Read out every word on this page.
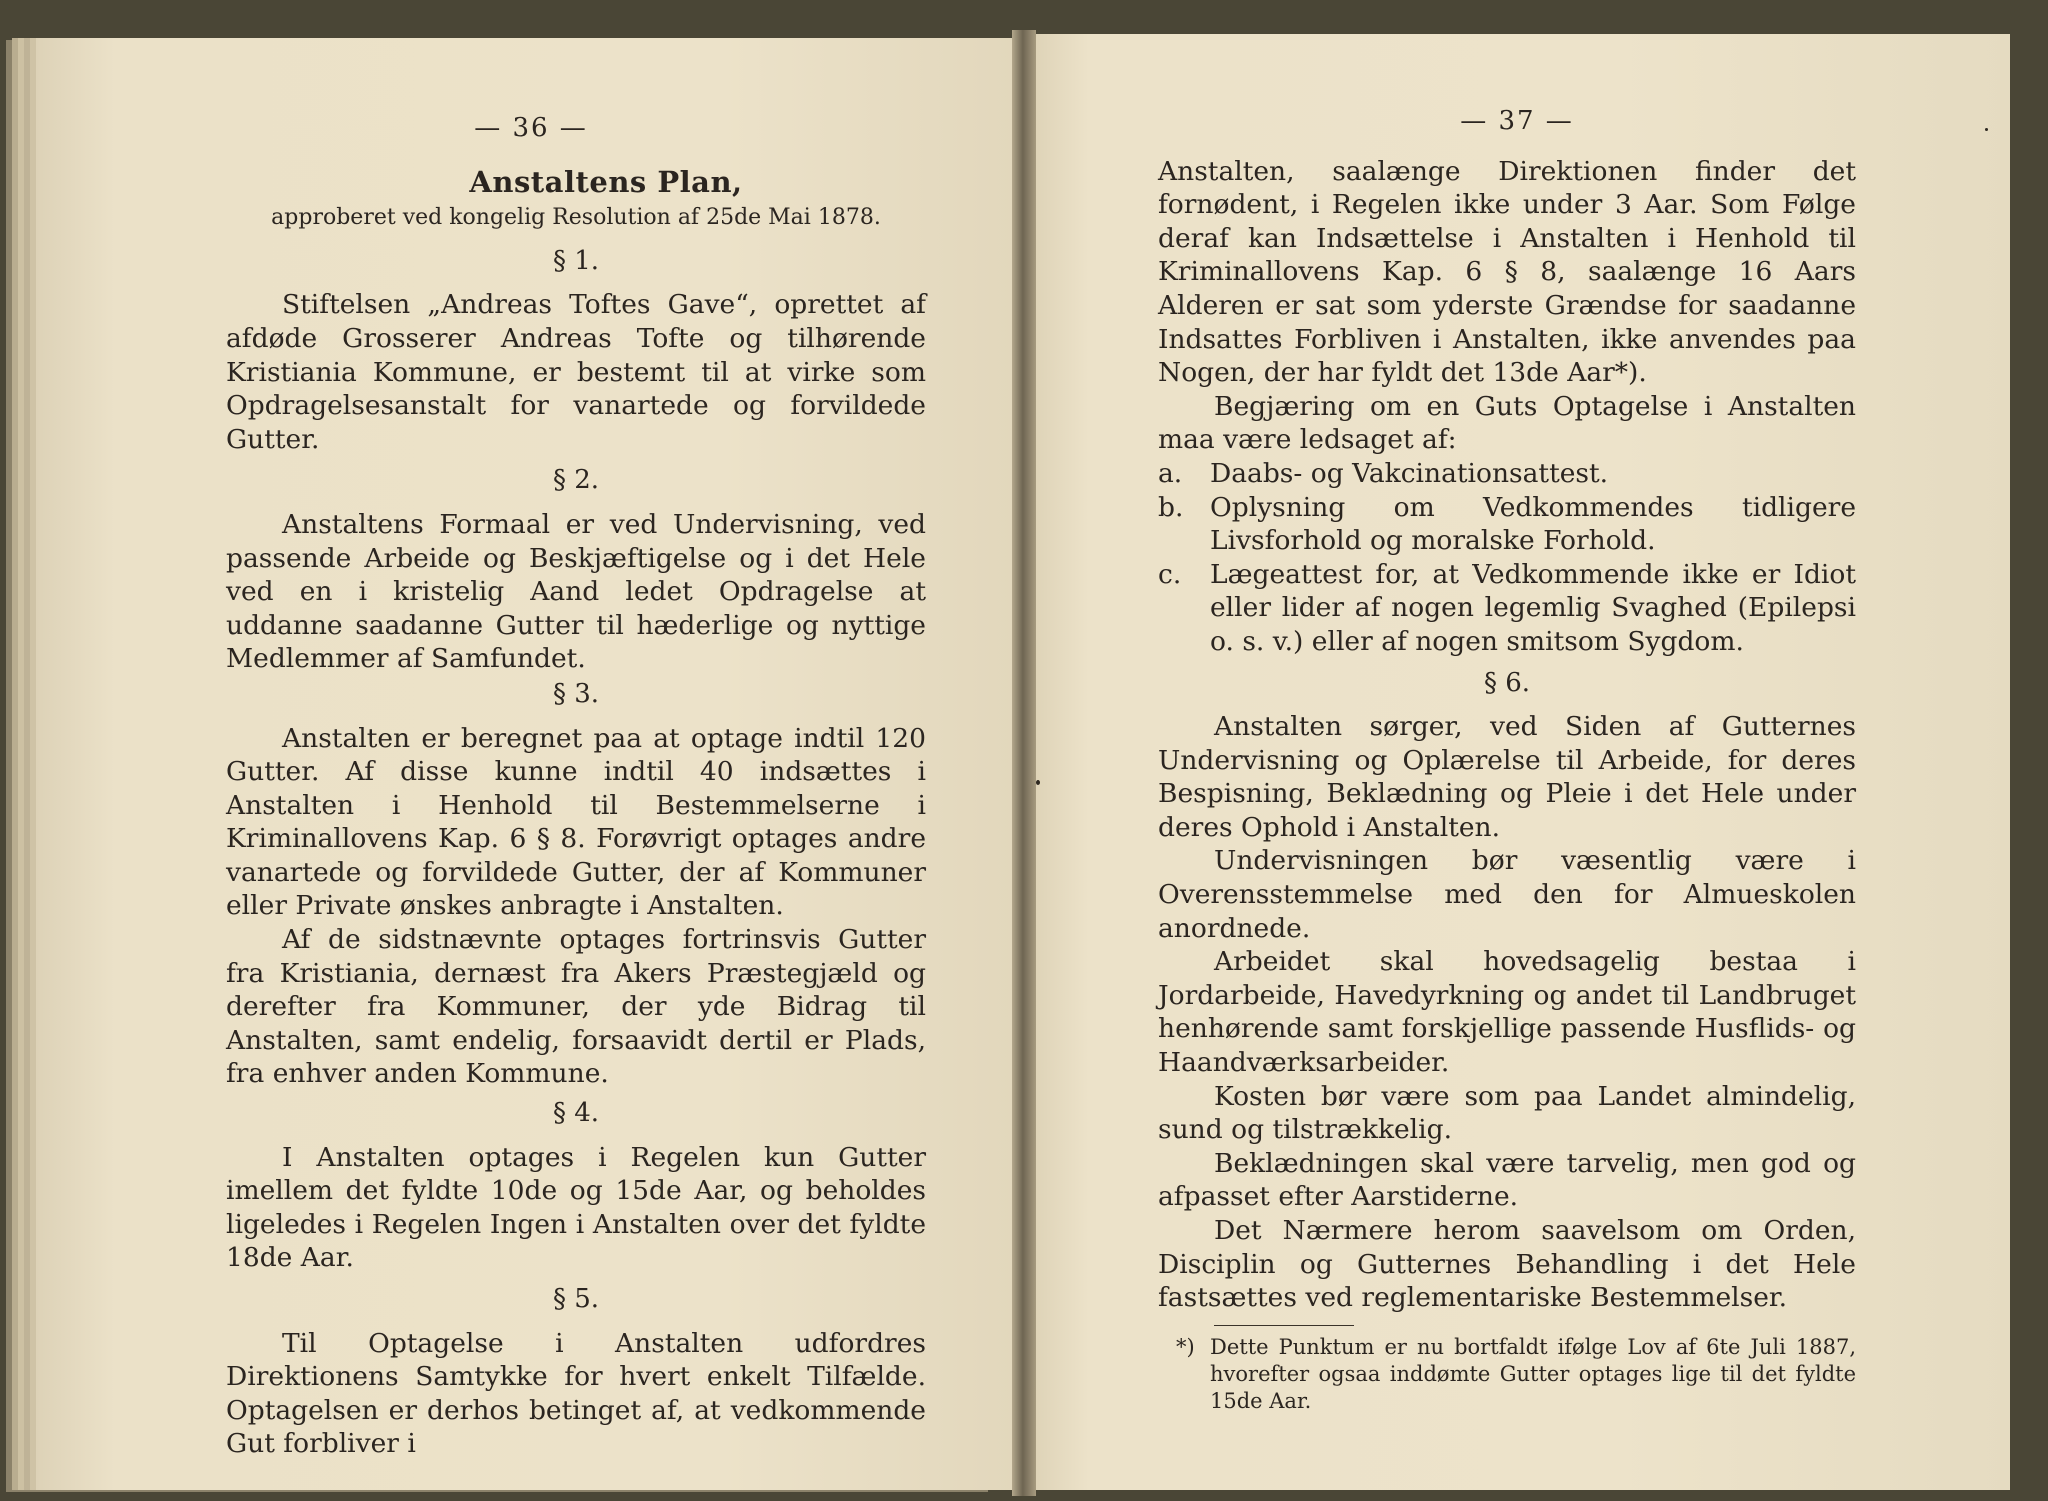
— 36 —
Anstaltens Plan,
approberet ved kongelig Resolution af 25de Mai 1878.
§ 1.

Stiftelsen „Andreas Toftes Gave“, oprettet af afdøde Grosserer Andreas Tofte og tilhørende Kristiania Kommune, er bestemt til at virke som Opdragelsesanstalt for vanartede og forvildede Gutter.

§ 2.

Anstaltens Formaal er ved Undervisning, ved passende Arbeide og Beskjæftigelse og i det Hele ved en i kristelig Aand ledet Opdragelse at uddanne saadanne Gutter til hæderlige og nyttige Medlemmer af Samfundet.

§ 3.

Anstalten er beregnet paa at optage indtil 120 Gutter. Af disse kunne indtil 40 indsættes i Anstalten i Henhold til Bestemmelserne i Kriminallovens Kap. 6 § 8. Forøvrigt optages andre vanartede og forvildede Gutter, der af Kommuner eller Private ønskes anbragte i Anstalten.

Af de sidstnævnte optages fortrinsvis Gutter fra Kristiania, dernæst fra Akers Præstegjæld og derefter fra Kommuner, der yde Bidrag til Anstalten, samt endelig, forsaavidt dertil er Plads, fra enhver anden Kommune.

§ 4.

I Anstalten optages i Regelen kun Gutter imellem det fyldte 10de og 15de Aar, og beholdes ligeledes i Regelen Ingen i Anstalten over det fyldte 18de Aar.

§ 5.

Til Optagelse i Anstalten udfordres Direktionens Samtykke for hvert enkelt Tilfælde. Optagelsen er derhos betinget af, at vedkommende Gut forbliver i

— 37 —

Anstalten, saalænge Direktionen finder det fornødent, i Regelen ikke under 3 Aar. Som Følge deraf kan Indsættelse i Anstalten i Henhold til Kriminallovens Kap. 6 § 8, saalænge 16 Aars Alderen er sat som yderste Grændse for saadanne Indsattes Forbliven i Anstalten, ikke anvendes paa Nogen, der har fyldt det 13de Aar*).

Begjæring om en Guts Optagelse i Anstalten maa være ledsaget af:

a.	Daabs- og Vakcinationsattest.
b.	Oplysning om Vedkommendes tidligere Livsforhold og moralske Forhold.
c.	Lægeattest for, at Vedkommende ikke er Idiot eller lider af nogen legemlig Svaghed (Epilepsi o. s. v.) eller af nogen smitsom Sygdom.
§ 6.

Anstalten sørger, ved Siden af Gutternes Undervisning og Oplærelse til Arbeide, for deres Bespisning, Beklædning og Pleie i det Hele under deres Ophold i Anstalten.

Undervisningen bør væsentlig være i Overensstemmelse med den for Almueskolen anordnede.

Arbeidet skal hovedsagelig bestaa i Jordarbeide, Havedyrkning og andet til Landbruget henhørende samt forskjellige passende Husflids- og Haandværksarbeider.

Kosten bør være som paa Landet almindelig, sund og tilstrækkelig.

Beklædningen skal være tarvelig, men god og afpasset efter Aarstiderne.

Det Nærmere herom saavelsom om Orden, Disciplin og Gutternes Behandling i det Hele fastsættes ved reglementariske Bestemmelser.

*) Dette Punktum er nu bortfaldt ifølge Lov af 6te Juli 1887, hvorefter ogsaa inddømte Gutter optages lige til det fyldte 15de Aar.
